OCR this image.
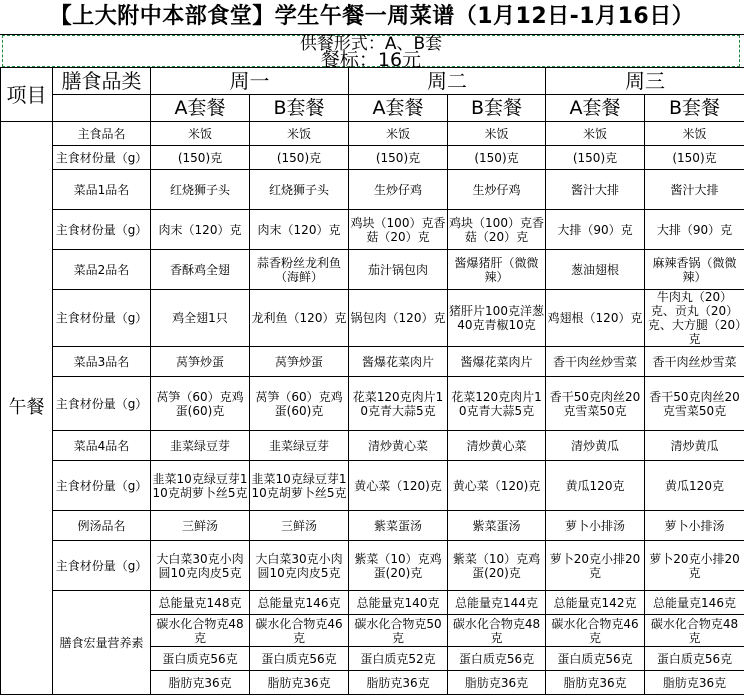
【上大附中本部食堂】学生午餐一周菜谱（1月12日-1月16日）
供餐形式：A、B套
餐标：16元
项目	膳食品类	周一		周二		周三	
		A套餐	B套餐	A套餐	B套餐	A套餐	B套餐
午餐	主食品名	米饭	米饭	米饭	米饭	米饭	米饭
	主食材份量（g）	(150)克	(150)克	(150)克	(150)克	(150)克	(150)克
	菜品1品名	红烧狮子头	红烧狮子头	生炒仔鸡	生炒仔鸡	酱汁大排	酱汁大排
	主食材份量（g）	肉末（120）克	肉末（120）克	鸡块（100）克香菇（20）克	鸡块（100）克香菇（20）克	大排（90）克	大排（90）克
	菜品2品名	香酥鸡全翅	蒜香粉丝龙利鱼（海鲜）	茄汁锅包肉	酱爆猪肝（微微辣）	葱油翅根	麻辣香锅（微微辣）
	主食材份量（g）	鸡全翅1只	龙利鱼（120）克	锅包肉（120）克	猪肝片100克洋葱40克青椒10克	鸡翅根（120）克	牛肉丸（20）克、贡丸（20）克、大方腿（20）克
	菜品3品名	莴笋炒蛋	莴笋炒蛋	酱爆花菜肉片	酱爆花菜肉片	香干肉丝炒雪菜	香干肉丝炒雪菜
	主食材份量（g）	莴笋（60）克鸡蛋(60)克	莴笋（60）克鸡蛋(60)克	花菜120克肉片10克青大蒜5克	花菜120克肉片10克青大蒜5克	香干50克肉丝20克雪菜50克	香干50克肉丝20克雪菜50克
	菜品4品名	韭菜绿豆芽	韭菜绿豆芽	清炒黄心菜	清炒黄心菜	清炒黄瓜	清炒黄瓜
	主食材份量（g）	韭菜10克绿豆芽110克胡萝卜丝5克	韭菜10克绿豆芽110克胡萝卜丝5克	黄心菜（120)克	黄心菜（120)克	黄瓜120克	黄瓜120克
	例汤品名	三鲜汤	三鲜汤	紫菜蛋汤	紫菜蛋汤	萝卜小排汤	萝卜小排汤
	主食材份量（g）	大白菜30克小肉圆10克肉皮5克	大白菜30克小肉圆10克肉皮5克	紫菜（10）克鸡蛋(20)克	紫菜（10）克鸡蛋(20)克	萝卜20克小排20克	萝卜20克小排20克
	膳食宏量营养素	总能量克148克	总能量克146克	总能量克140克	总能量克144克	总能量克142克	总能量克146克
		碳水化合物克48克	碳水化合物克46克	碳水化合物克50克	碳水化合物克48克	碳水化合物克46克	碳水化合物克48克
		蛋白质克56克	蛋白质克56克	蛋白质克52克	蛋白质克56克	蛋白质克56克	蛋白质克56克
		脂肪克36克	脂肪克36克	脂肪克36克	脂肪克36克	脂肪克36克	脂肪克36克
